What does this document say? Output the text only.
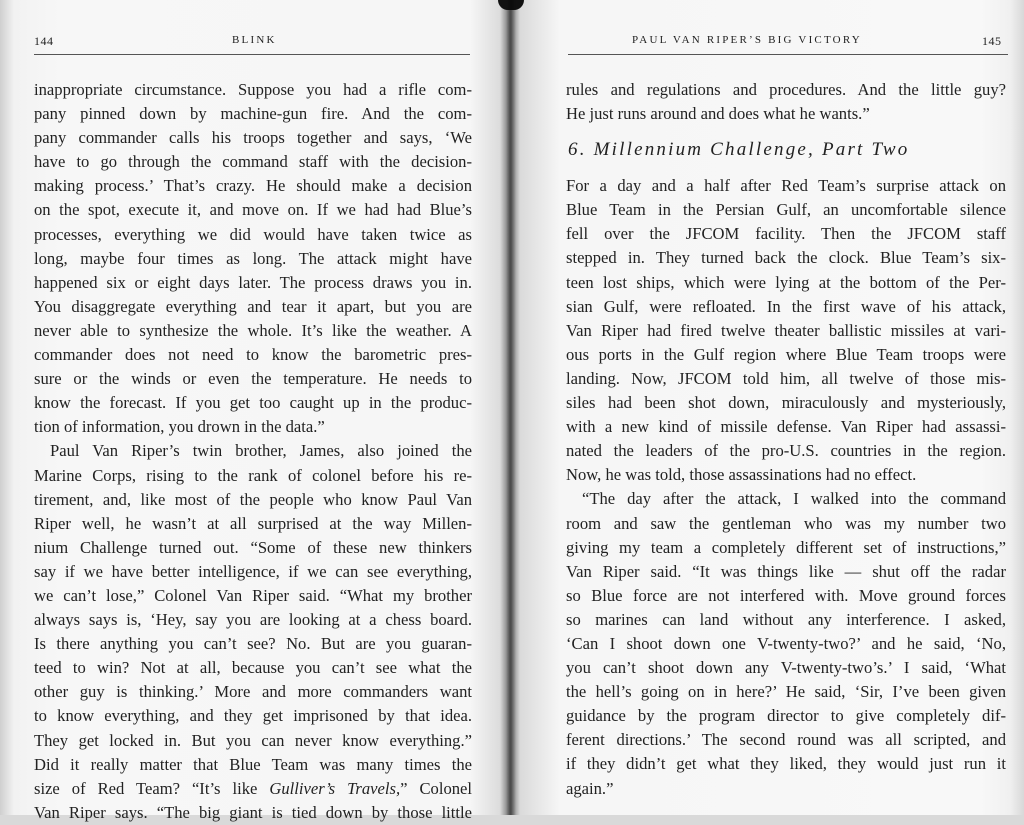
144	BLINK
inappropriate circumstance. Suppose you had a rifle com-
pany pinned down by machine-gun fire. And the com-
pany commander calls his troops together and says, ‘We
have to go through the command staff with the decision-
making process.’ That’s crazy. He should make a decision
on the spot, execute it, and move on. If we had had Blue’s
processes, everything we did would have taken twice as
long, maybe four times as long. The attack might have
happened six or eight days later. The process draws you in.
You disaggregate everything and tear it apart, but you are
never able to synthesize the whole. It’s like the weather. A
commander does not need to know the barometric pres-
sure or the winds or even the temperature. He needs to
know the forecast. If you get too caught up in the produc-
tion of information, you drown in the data.”
Paul Van Riper’s twin brother, James, also joined the
Marine Corps, rising to the rank of colonel before his re-
tirement, and, like most of the people who know Paul Van
Riper well, he wasn’t at all surprised at the way Millen-
nium Challenge turned out. “Some of these new thinkers
say if we have better intelligence, if we can see everything,
we can’t lose,” Colonel Van Riper said. “What my brother
always says is, ‘Hey, say you are looking at a chess board.
Is there anything you can’t see? No. But are you guaran-
teed to win? Not at all, because you can’t see what the
other guy is thinking.’ More and more commanders want
to know everything, and they get imprisoned by that idea.
They get locked in. But you can never know everything.”
Did it really matter that Blue Team was many times the
size of Red Team? “It’s like Gulliver’s Travels,” Colonel
Van Riper says. “The big giant is tied down by those little
PAUL VAN RIPER’S BIG VICTORY	145
rules and regulations and procedures. And the little guy?
He just runs around and does what he wants.”
6. Millennium Challenge, Part Two
For a day and a half after Red Team’s surprise attack on
Blue Team in the Persian Gulf, an uncomfortable silence
fell over the JFCOM facility. Then the JFCOM staff
stepped in. They turned back the clock. Blue Team’s six-
teen lost ships, which were lying at the bottom of the Per-
sian Gulf, were refloated. In the first wave of his attack,
Van Riper had fired twelve theater ballistic missiles at vari-
ous ports in the Gulf region where Blue Team troops were
landing. Now, JFCOM told him, all twelve of those mis-
siles had been shot down, miraculously and mysteriously,
with a new kind of missile defense. Van Riper had assassi-
nated the leaders of the pro-U.S. countries in the region.
Now, he was told, those assassinations had no effect.
“The day after the attack, I walked into the command
room and saw the gentleman who was my number two
giving my team a completely different set of instructions,”
Van Riper said. “It was things like — shut off the radar
so Blue force are not interfered with. Move ground forces
so marines can land without any interference. I asked,
‘Can I shoot down one V-twenty-two?’ and he said, ‘No,
you can’t shoot down any V-twenty-two’s.’ I said, ‘What
the hell’s going on in here?’ He said, ‘Sir, I’ve been given
guidance by the program director to give completely dif-
ferent directions.’ The second round was all scripted, and
if they didn’t get what they liked, they would just run it
again.”
